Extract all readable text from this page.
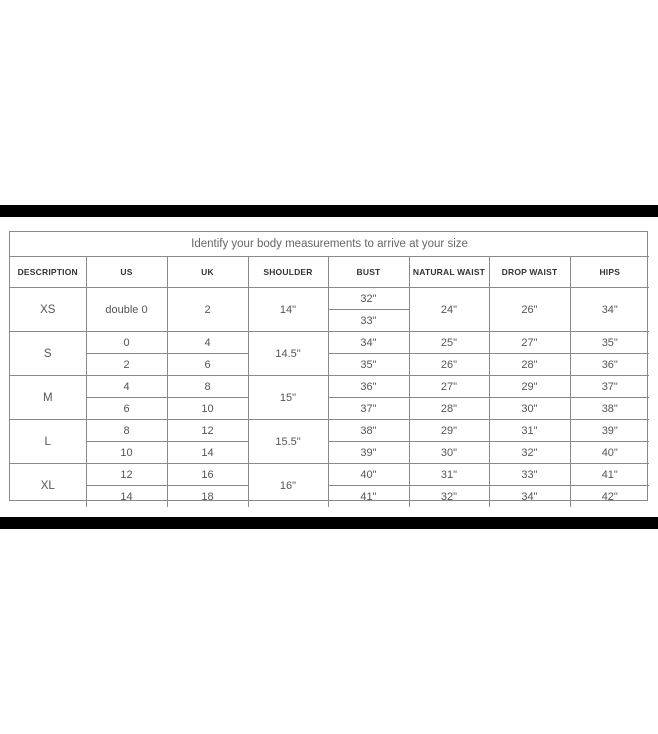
Identify your body measurements to arrive at your size							
DESCRIPTION	US	UK	SHOULDER	BUST	NATURAL WAIST	DROP WAIST	HIPS
XS	double 0	2	14"	32"	24"	26"	34"
				33"			
S	0	4	14.5"	34"	25"	27"	35"
	2	6		35"	26"	28"	36"
M	4	8	15"	36"	27"	29"	37"
	6	10		37"	28"	30"	38"
L	8	12	15.5"	38"	29"	31"	39"
	10	14		39"	30"	32"	40"
XL	12	16	16"	40"	31"	33"	41"
	14	18		41"	32"	34"	42"
